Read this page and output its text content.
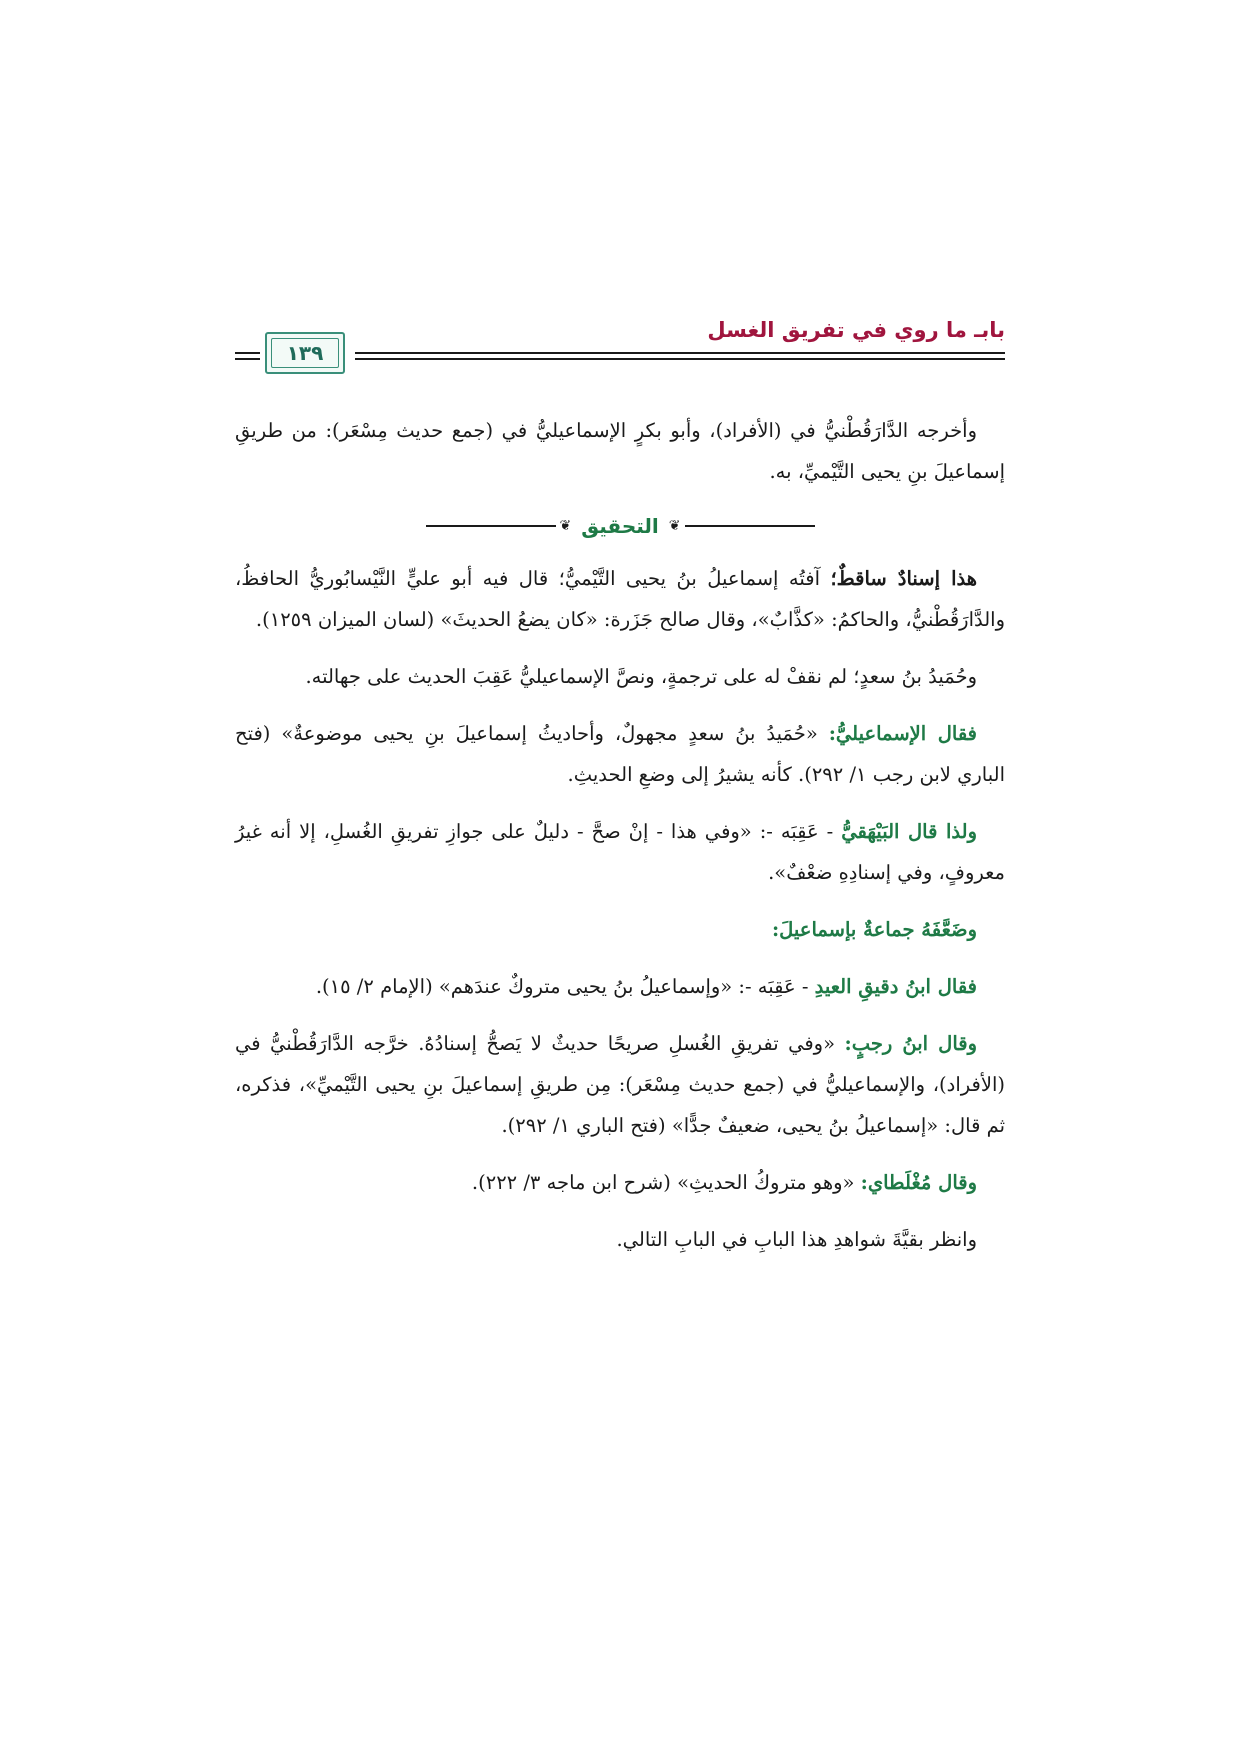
بابـ ما روي في تفريق الغسل
١٣٩

وأخرجه الدَّارَقُطْنيُّ في (الأفراد)، وأبو بكرٍ الإسماعيليُّ في (جمع حديث مِسْعَر): من طريقِ إسماعيلَ بنِ يحيى التَّيْميِّ، به.

❦
التحقيق
❦

هذا إسنادٌ ساقطٌ؛ آفتُه إسماعيلُ بنُ يحيى التَّيْميُّ؛ قال فيه أبو عليٍّ النَّيْسابُوريُّ الحافظُ، والدَّارَقُطْنيُّ، والحاكمُ: «كذَّابٌ»، وقال صالح جَزَرة: «كان يضعُ الحديثَ» (لسان الميزان ١٢٥٩).

وحُمَيدُ بنُ سعدٍ؛ لم نقفْ له على ترجمةٍ، ونصَّ الإسماعيليُّ عَقِبَ الحديث على جهالته.

فقال الإسماعيليُّ: «حُمَيدُ بنُ سعدٍ مجهولٌ، وأحاديثُ إسماعيلَ بنِ يحيى موضوعةٌ» (فتح الباري لابن رجب ١/ ٢٩٢). كأنه يشيرُ إلى وضعِ الحديثِ.

ولذا قال البَيْهَقيُّ - عَقِبَه -: «وفي هذا - إنْ صحَّ - دليلٌ على جوازِ تفريقِ الغُسلِ، إلا أنه غيرُ معروفٍ، وفي إسنادِهِ ضعْفٌ».

وضَعَّفَهُ جماعةٌ بإسماعيلَ:

فقال ابنُ دقيقِ العيدِ - عَقِبَه -: «وإسماعيلُ بنُ يحيى متروكٌ عندَهم» (الإمام ٢/ ١٥).

وقال ابنُ رجبٍ: «وفي تفريقِ الغُسلِ صريحًا حديثٌ لا يَصحُّ إسنادُهُ. خرَّجه الدَّارَقُطْنيُّ في (الأفراد)، والإسماعيليُّ في (جمع حديث مِسْعَر): مِن طريقِ إسماعيلَ بنِ يحيى التَّيْميِّ»، فذكره، ثم قال: «إسماعيلُ بنُ يحيى، ضعيفٌ جدًّا» (فتح الباري ١/ ٢٩٢).

وقال مُغْلَطاي: «وهو متروكُ الحديثِ» (شرح ابن ماجه ٣/ ٢٢٢).

وانظر بقيَّةَ شواهدِ هذا البابِ في البابِ التالي.
